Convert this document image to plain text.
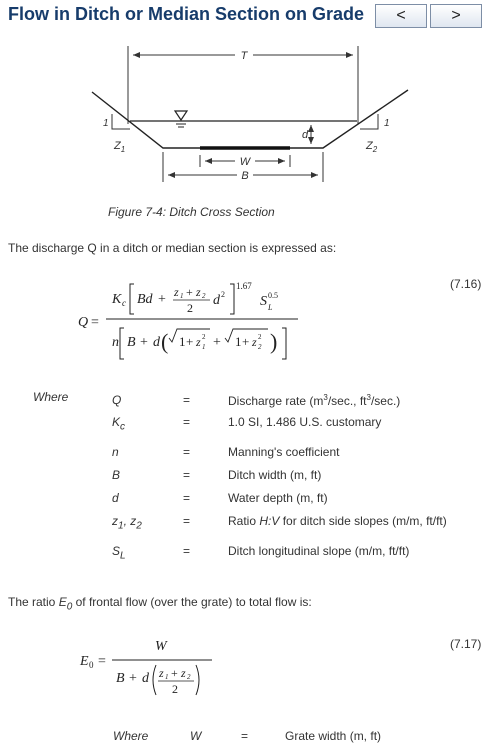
Flow in Ditch or Median Section on Grade	<	>
T
d
1
$Z_1$
1
$Z_2$
W
B
Figure 7-4: Ditch Cross Section
The discharge Q in a ditch or median section is expressed as:
(7.16)
Q =
K c Bd + z 1 + z 2
2 d 2
1.67
S L
0.5
n B + d ( 1 + z 1
2 + 1 + z 2
2 )
Where	Q	=	Discharge rate ($m^3/\sec$., $ft^3/\sec$.)
$K_c$	=	1.0 SI, 1.486 U.S. customary
n	=	Manning's coefficient
B	=	Ditch width (m, ft)
d	=	Water depth (m, ft)
$z_1$, $z_2$	=	Ratio H:V for ditch side slopes (m/m, ft/ft)
$S_L$	=	Ditch longitudinal slope (m/m, ft/ft)
The ratio $E_0$ of frontal flow (over the grate) to total flow is:
(7.17)
E 0 =
W
B + d z 1 + z 2
2
Where	W	=	Grate width (m, ft)
